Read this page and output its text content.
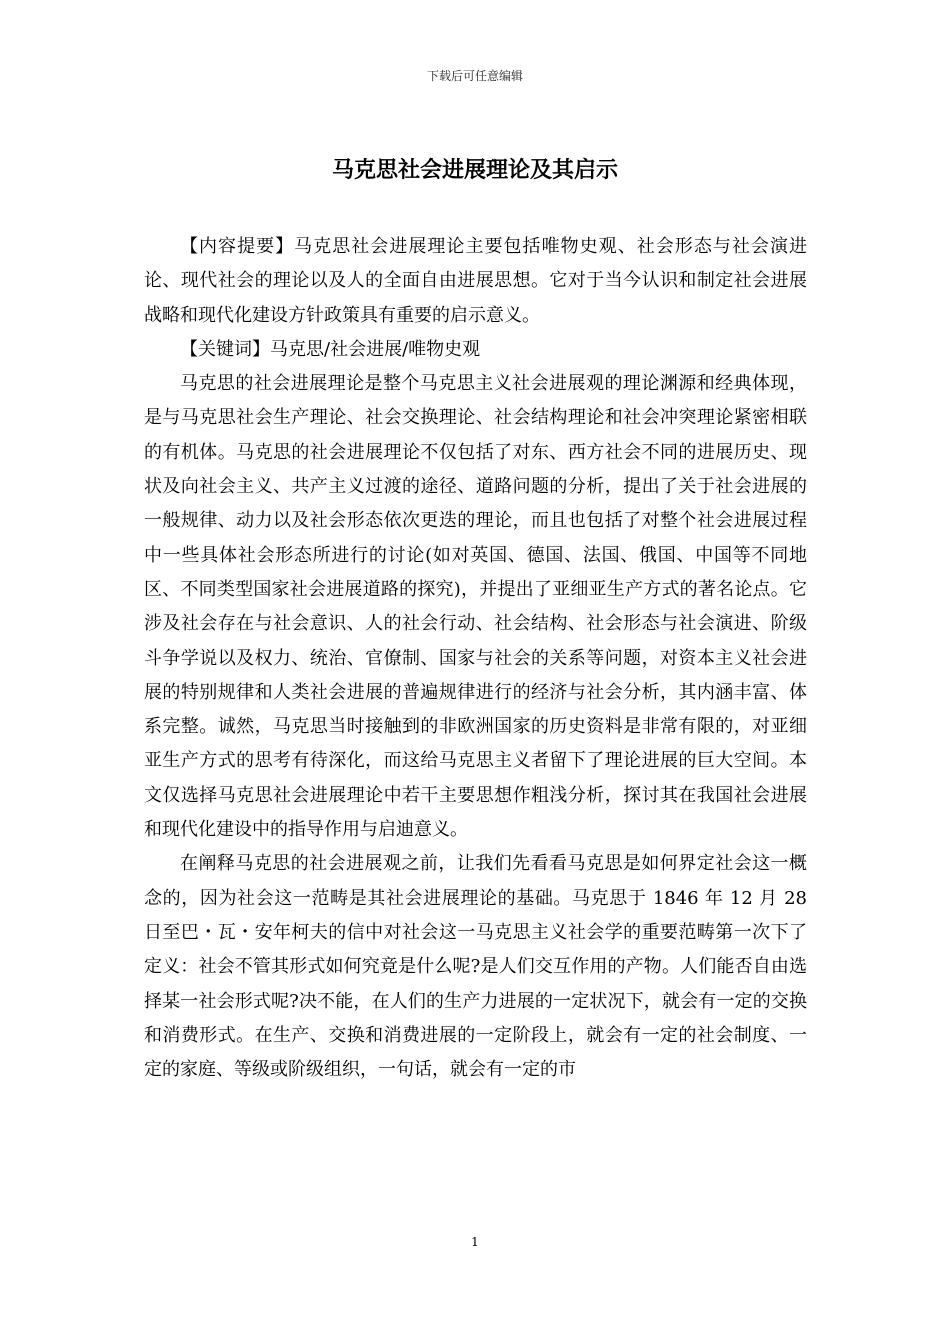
下载后可任意编辑
马克思社会进展理论及其启示

【内容提要】马克思社会进展理论主要包括唯物史观、社会形态与社会演进论、现代社会的理论以及人的全面自由进展思想。它对于当今认识和制定社会进展战略和现代化建设方针政策具有重要的启示意义。

【关键词】马克思/社会进展/唯物史观

马克思的社会进展理论是整个马克思主义社会进展观的理论渊源和经典体现，是与马克思社会生产理论、社会交换理论、社会结构理论和社会冲突理论紧密相联的有机体。马克思的社会进展理论不仅包括了对东、西方社会不同的进展历史、现状及向社会主义、共产主义过渡的途径、道路问题的分析，提出了关于社会进展的一般规律、动力以及社会形态依次更迭的理论，而且也包括了对整个社会进展过程中一些具体社会形态所进行的讨论(如对英国、德国、法国、俄国、中国等不同地区、不同类型国家社会进展道路的探究)，并提出了亚细亚生产方式的著名论点。它涉及社会存在与社会意识、人的社会行动、社会结构、社会形态与社会演进、阶级斗争学说以及权力、统治、官僚制、国家与社会的关系等问题，对资本主义社会进展的特别规律和人类社会进展的普遍规律进行的经济与社会分析，其内涵丰富、体系完整。诚然，马克思当时接触到的非欧洲国家的历史资料是非常有限的，对亚细亚生产方式的思考有待深化，而这给马克思主义者留下了理论进展的巨大空间。本文仅选择马克思社会进展理论中若干主要思想作粗浅分析，探讨其在我国社会进展和现代化建设中的指导作用与启迪意义。

在阐释马克思的社会进展观之前，让我们先看看马克思是如何界定社会这一概念的，因为社会这一范畴是其社会进展理论的基础。马克思于 1846 年 12 月 28 日至巴・瓦・安年柯夫的信中对社会这一马克思主义社会学的重要范畴第一次下了定义：社会不管其形式如何究竟是什么呢?是人们交互作用的产物。人们能否自由选择某一社会形式呢?决不能，在人们的生产力进展的一定状况下，就会有一定的交换和消费形式。在生产、交换和消费进展的一定阶段上，就会有一定的社会制度、一定的家庭、等级或阶级组织，一句话，就会有一定的市

1
